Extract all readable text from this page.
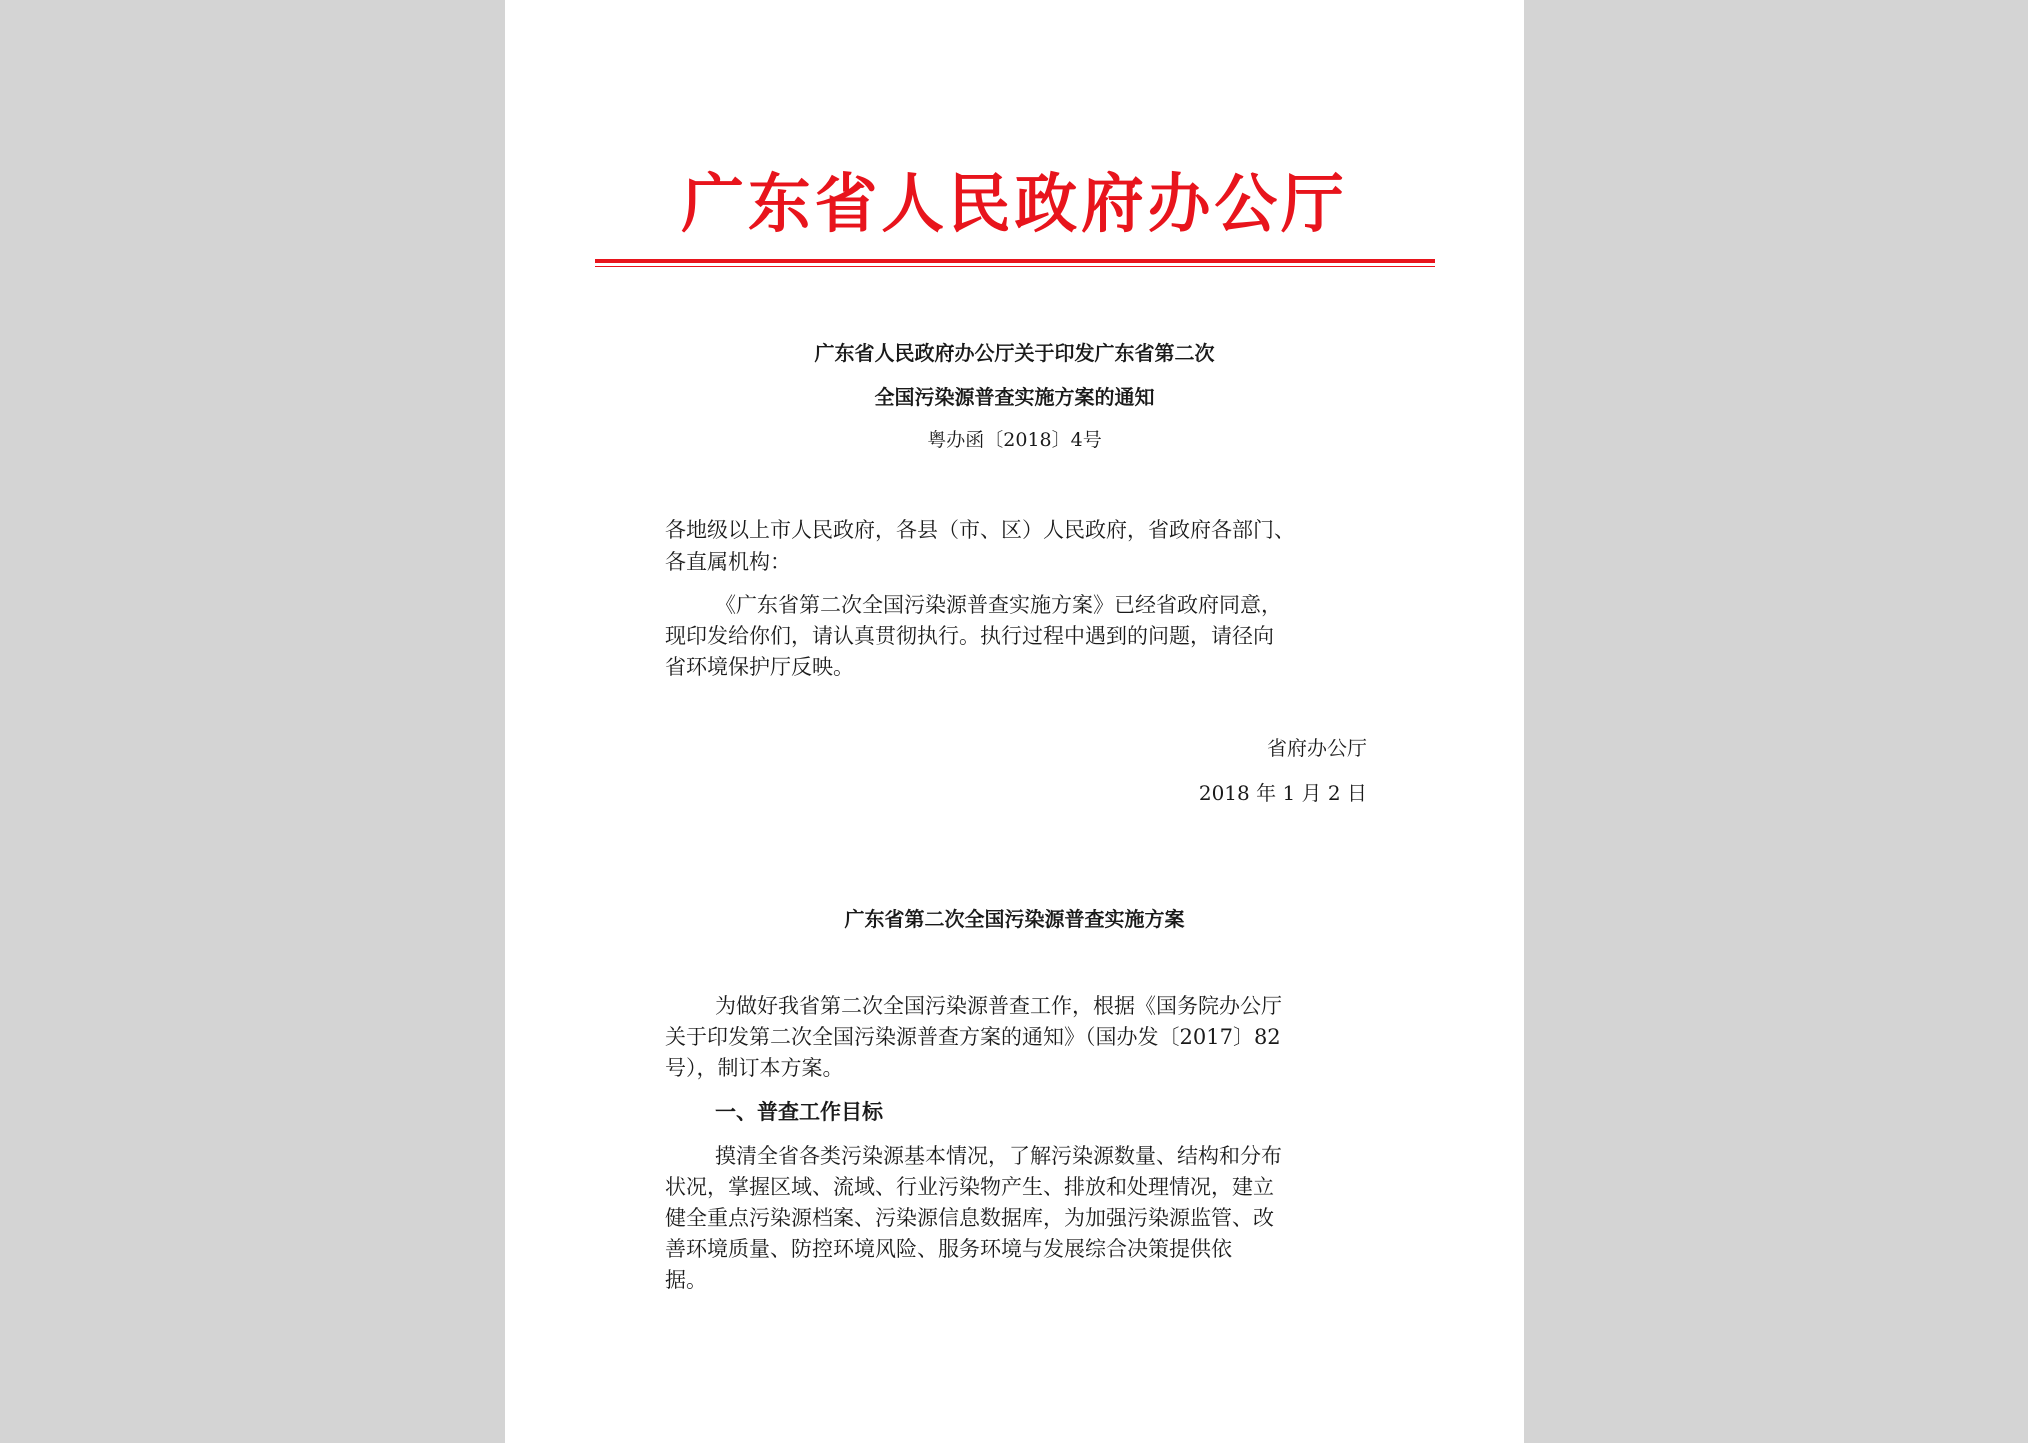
广东省人民政府办公厅
广东省人民政府办公厅关于印发广东省第二次
全国污染源普查实施方案的通知
粤办函〔2018〕4号
各地级以上市人民政府，各县（市、区）人民政府，省政府各部门、
各直属机构：
《广东省第二次全国污染源普查实施方案》已经省政府同意，
现印发给你们，请认真贯彻执行。执行过程中遇到的问题，请径向
省环境保护厅反映。
省府办公厅
2018 年 1 月 2 日
广东省第二次全国污染源普查实施方案
为做好我省第二次全国污染源普查工作，根据《国务院办公厅
关于印发第二次全国污染源普查方案的通知》（国办发〔2017〕82
号），制订本方案。
一、普查工作目标
摸清全省各类污染源基本情况，了解污染源数量、结构和分布
状况，掌握区域、流域、行业污染物产生、排放和处理情况，建立
健全重点污染源档案、污染源信息数据库，为加强污染源监管、改
善环境质量、防控环境风险、服务环境与发展综合决策提供依
据。
